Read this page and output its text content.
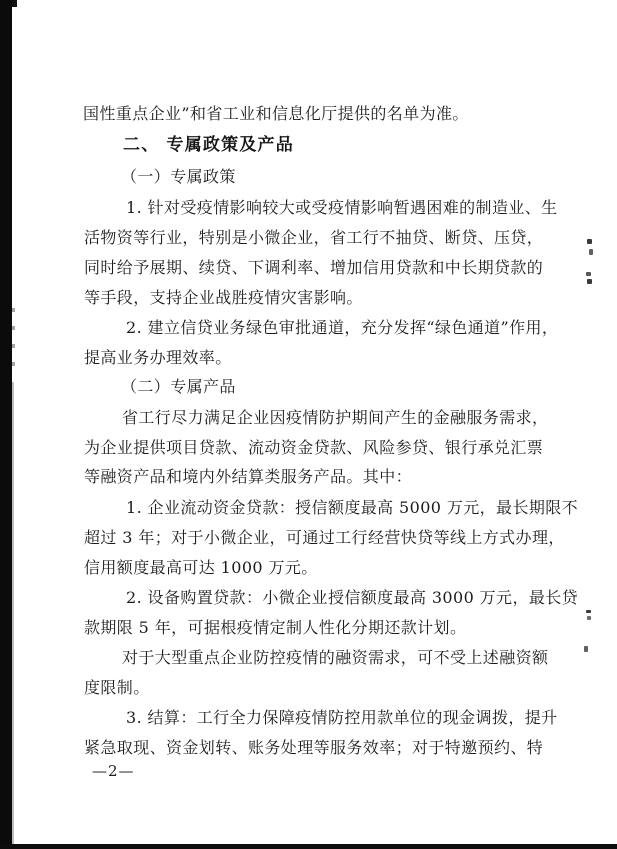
国性重点企业”和省工业和信息化厅提供的名单为准。
二、 专属政策及产品
（一）专属政策
1. 针对受疫情影响较大或受疫情影响暂遇困难的制造业、生
活物资等行业，特别是小微企业，省工行不抽贷、断贷、压贷，
同时给予展期、续贷、下调利率、增加信用贷款和中长期贷款的
等手段，支持企业战胜疫情灾害影响。
2. 建立信贷业务绿色审批通道，充分发挥“绿色通道”作用，
提高业务办理效率。
（二）专属产品
省工行尽力满足企业因疫情防护期间产生的金融服务需求，
为企业提供项目贷款、流动资金贷款、风险参贷、银行承兑汇票
等融资产品和境内外结算类服务产品。其中：
1. 企业流动资金贷款：授信额度最高 5000 万元，最长期限不
超过 3 年；对于小微企业，可通过工行经营快贷等线上方式办理，
信用额度最高可达 1000 万元。
2. 设备购置贷款：小微企业授信额度最高 3000 万元，最长贷
款期限 5 年，可据根疫情定制人性化分期还款计划。
对于大型重点企业防控疫情的融资需求，可不受上述融资额
度限制。
3. 结算：工行全力保障疫情防控用款单位的现金调拨，提升
紧急取现、资金划转、账务处理等服务效率；对于特邀预约、特
—2—
